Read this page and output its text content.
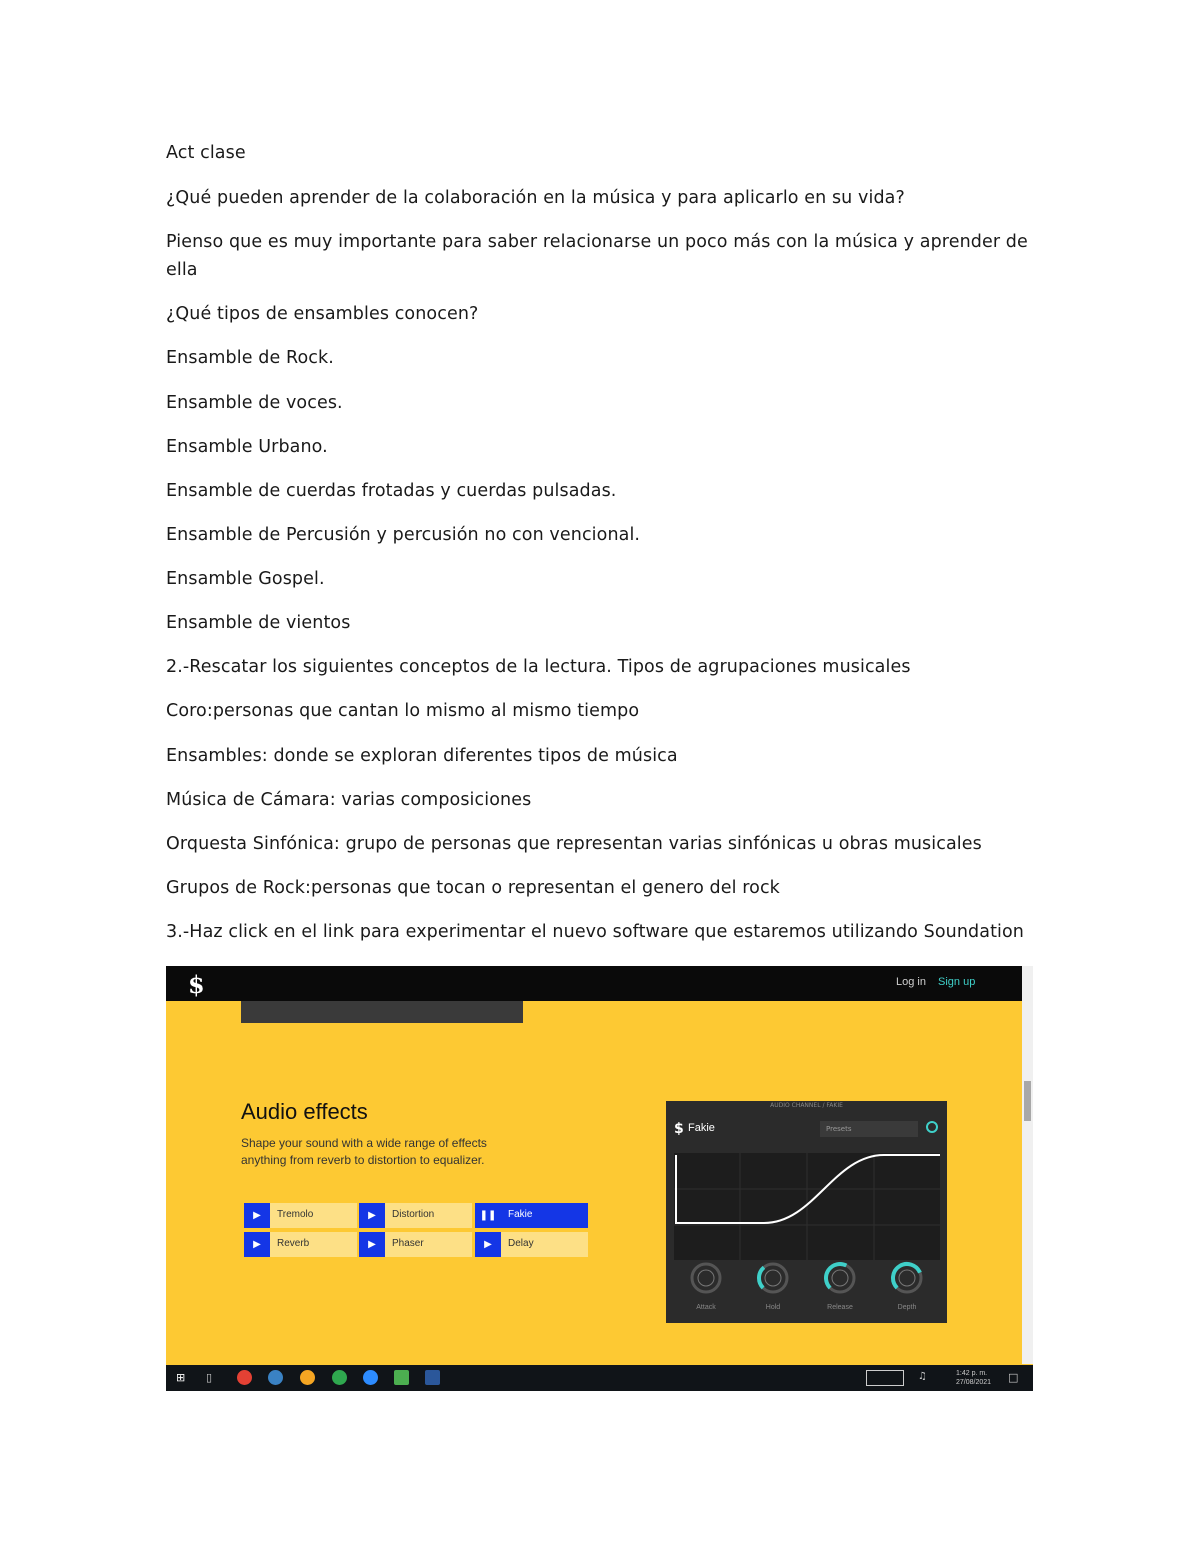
Act clase
¿Qué pueden aprender de la colaboración en la música y para aplicarlo en su vida?
Pienso que es muy importante para saber relacionarse un poco más con la música y aprender de
ella
¿Qué tipos de ensambles conocen?
Ensamble de Rock.
Ensamble de voces.
Ensamble Urbano.
Ensamble de cuerdas frotadas y cuerdas pulsadas.
Ensamble de Percusión y percusión no con vencional.
Ensamble Gospel.
Ensamble de vientos
2.-Rescatar los siguientes conceptos de la lectura. Tipos de agrupaciones musicales
Coro:personas que cantan lo mismo al mismo tiempo
Ensambles: donde se exploran diferentes tipos de música
Música de Cámara: varias composiciones
Orquesta Sinfónica: grupo de personas que representan varias sinfónicas u obras musicales
Grupos de Rock:personas que tocan o representan el genero del rock
3.-Haz click en el link para experimentar el nuevo software que estaremos utilizando Soundation
$	Log in Sign up
Audio effects
Shape your sound with a wide range of effects
anything from reverb to distortion to equalizer.
▶	Tremolo	▶	Distortion	❚❚	Fakie
▶	Reverb	▶	Phaser	▶	Delay
AUDIO CHANNEL / FAKIE
$ Fakie	Presets
Attack	Hold	Release	Depth
⊞ ▯	♫	1:42 p. m.
27/08/2021 □
